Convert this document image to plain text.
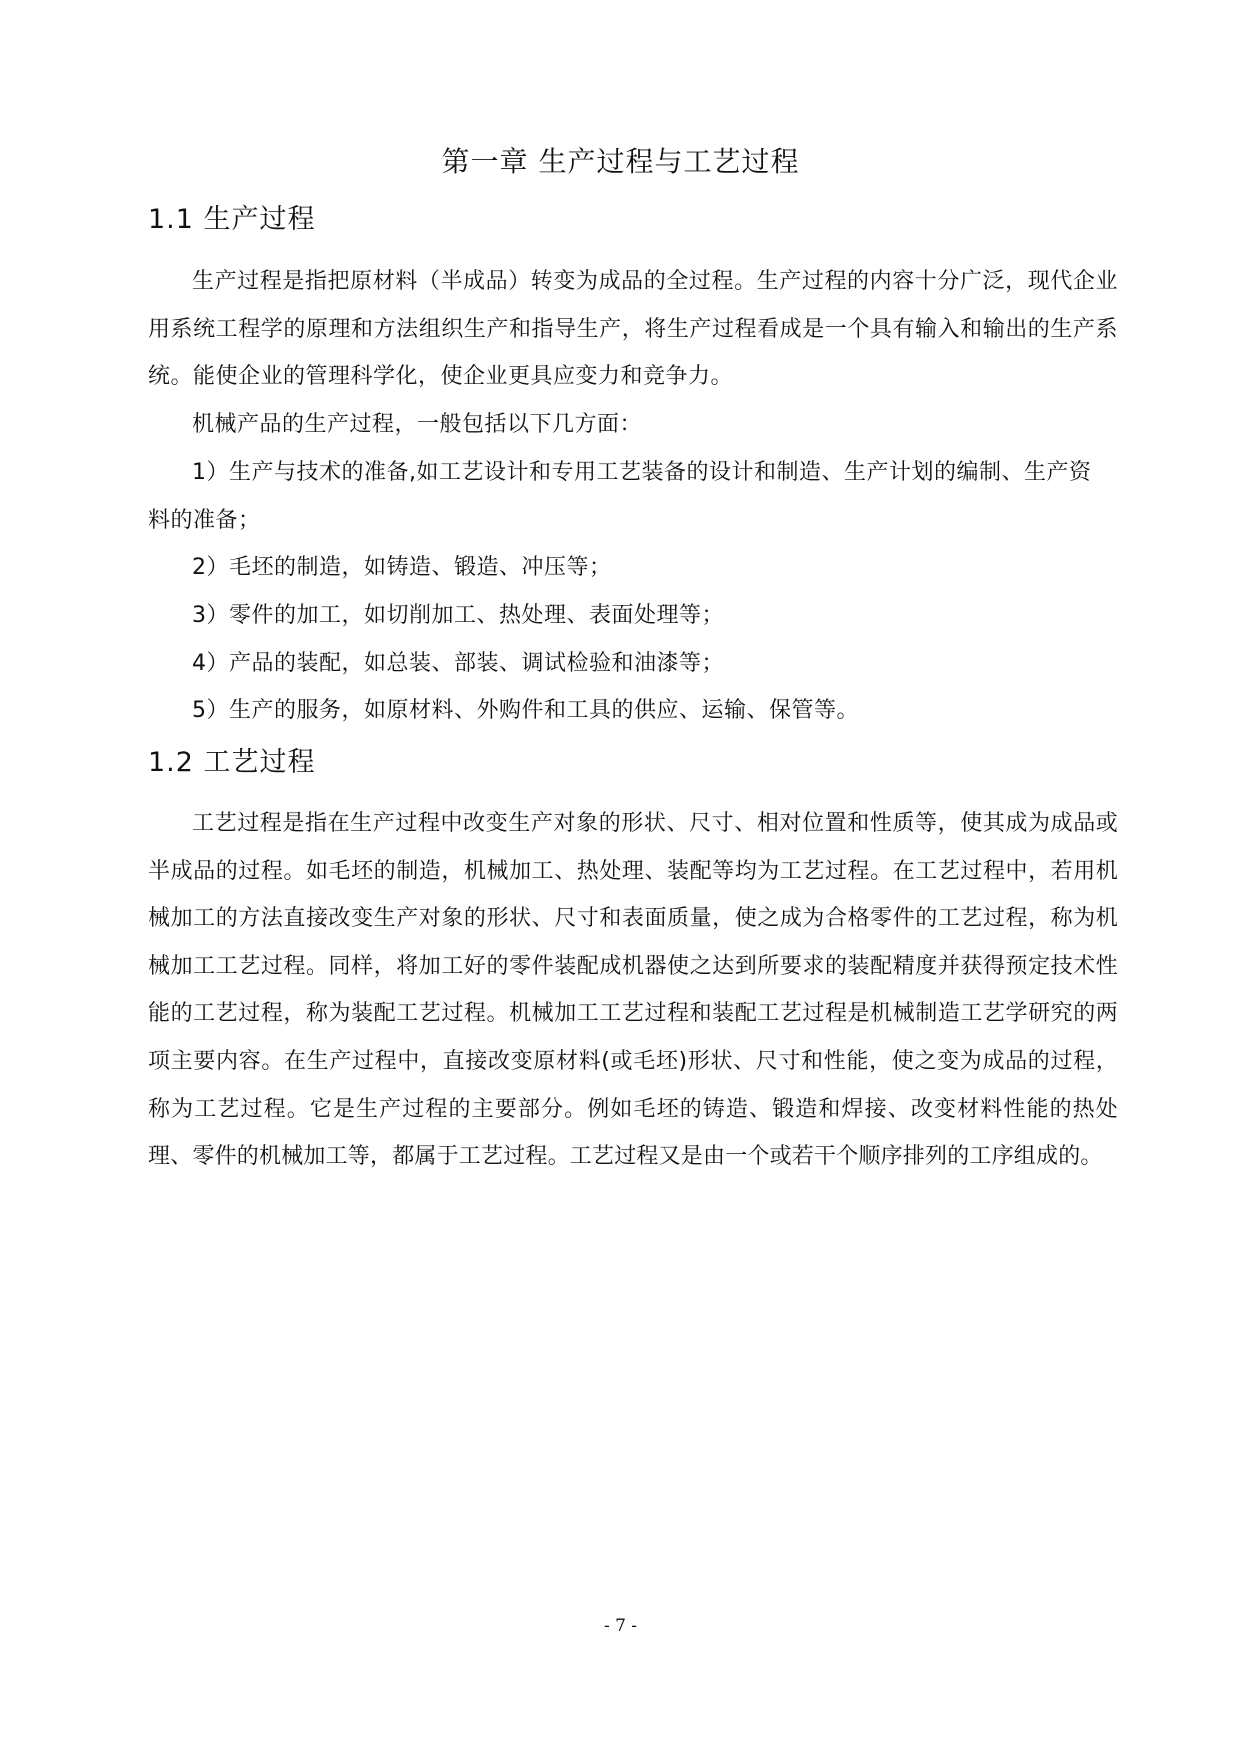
第一章 生产过程与工艺过程
1.1 生产过程

生产过程是指把原材料（半成品）转变为成品的全过程。生产过程的内容十分广泛，现代企业用系统工程学的原理和方法组织生产和指导生产，将生产过程看成是一个具有输入和输出的生产系统。能使企业的管理科学化，使企业更具应变力和竞争力。

机械产品的生产过程，一般包括以下几方面：

1）生产与技术的准备,如工艺设计和专用工艺装备的设计和制造、生产计划的编制、生产资料的准备；

2）毛坯的制造，如铸造、锻造、冲压等；

3）零件的加工，如切削加工、热处理、表面处理等；

4）产品的装配，如总装、部装、调试检验和油漆等；

5）生产的服务，如原材料、外购件和工具的供应、运输、保管等。

1.2 工艺过程

工艺过程是指在生产过程中改变生产对象的形状、尺寸、相对位置和性质等，使其成为成品或半成品的过程。如毛坯的制造，机械加工、热处理、装配等均为工艺过程。在工艺过程中，若用机械加工的方法直接改变生产对象的形状、尺寸和表面质量，使之成为合格零件的工艺过程，称为机械加工工艺过程。同样，将加工好的零件装配成机器使之达到所要求的装配精度并获得预定技术性能的工艺过程，称为装配工艺过程。机械加工工艺过程和装配工艺过程是机械制造工艺学研究的两项主要内容。在生产过程中，直接改变原材料(或毛坯)形状、尺寸和性能，使之变为成品的过程，称为工艺过程。它是生产过程的主要部分。例如毛坯的铸造、锻造和焊接、改变材料性能的热处理、零件的机械加工等，都属于工艺过程。工艺过程又是由一个或若干个顺序排列的工序组成的。

- 7 -
